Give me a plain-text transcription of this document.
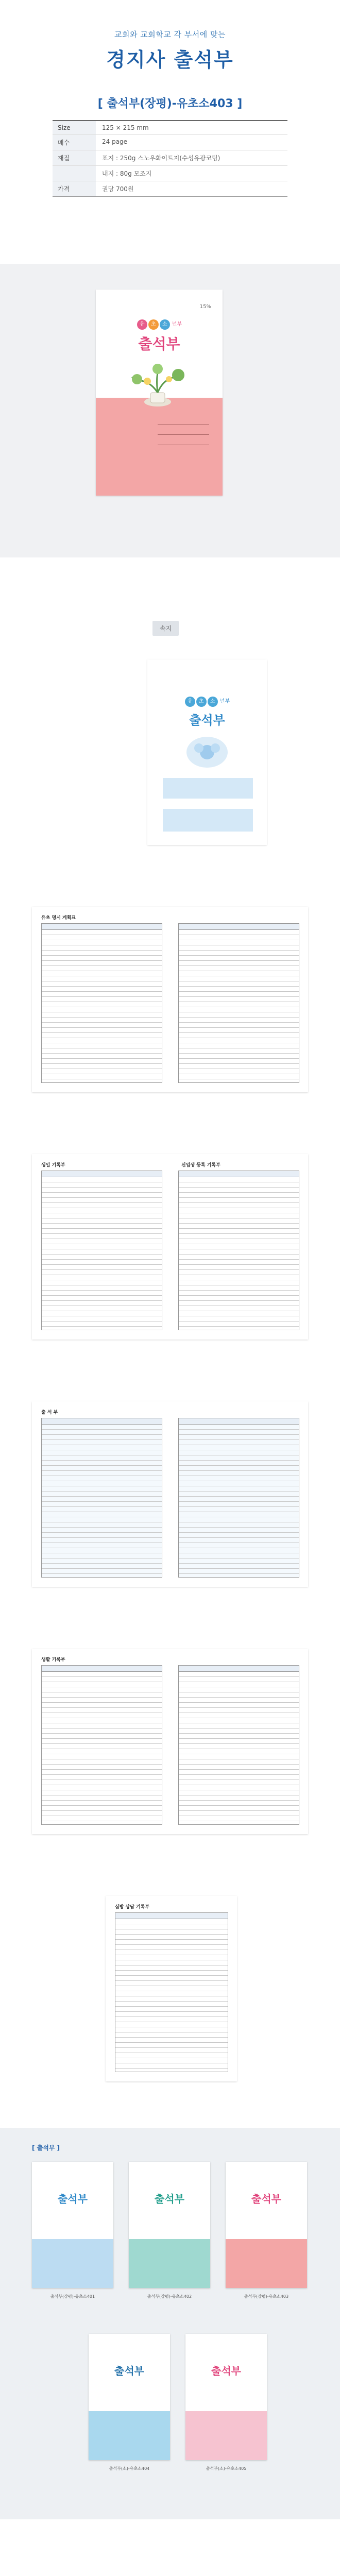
교회와 교회학교 각 부서에 맞는
경지사 출석부
[ 출석부(장평)-유초소403 ]
Size	125 × 215 mm
매수	24 page
재질	표지 : 250g 스노우화이트지(수성유광코팅)
내지 : 80g 모조지
가격	권당 700원
15%
유 초 소 년부
출석부
속지
유 초 소 년부
출석부
유초 명시 계획표
생일 기록부	신입생 등록 기록부
출 석 부
생활 기록부
심방 상담 기록부
[ 출석부 ]
출석부
출석부(장평)-유초소401
출석부
출석부(장평)-유초소402
출석부
출석부(장평)-유초소403
출석부
출석부(소)-유초소404
출석부
출석부(소)-유초소405
